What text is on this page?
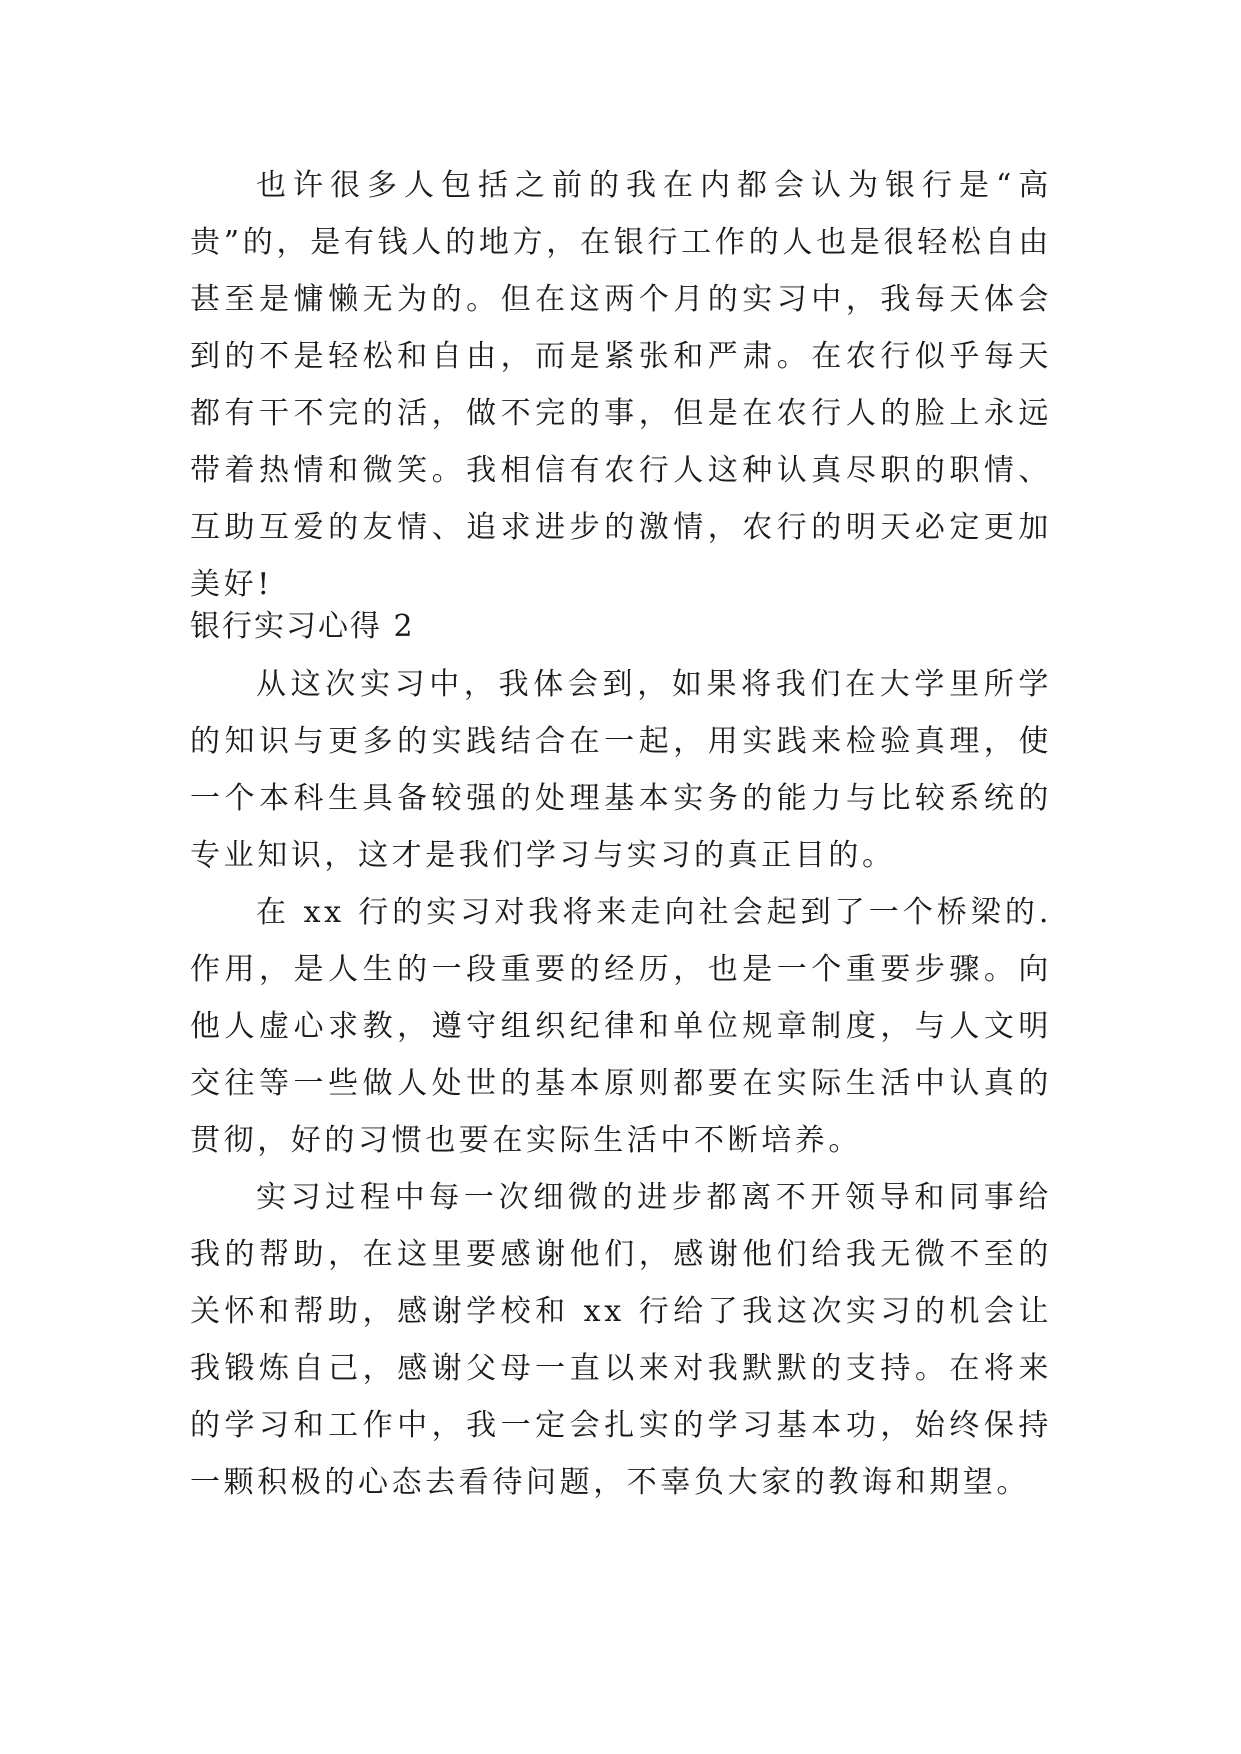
也许很多人包括之前的我在内都会认为银行是“高贵”的，是有钱人的地方，在银行工作的人也是很轻松自由甚至是慵懒无为的。但在这两个月的实习中，我每天体会到的不是轻松和自由，而是紧张和严肃。在农行似乎每天都有干不完的活，做不完的事，但是在农行人的脸上永远带着热情和微笑。我相信有农行人这种认真尽职的职情、互助互爱的友情、追求进步的激情，农行的明天必定更加美好!

银行实习心得 2

从这次实习中，我体会到，如果将我们在大学里所学的知识与更多的实践结合在一起，用实践来检验真理，使一个本科生具备较强的处理基本实务的能力与比较系统的专业知识，这才是我们学习与实习的真正目的。

在 xx 行的实习对我将来走向社会起到了一个桥梁的.作用，是人生的一段重要的经历，也是一个重要步骤。向他人虚心求教，遵守组织纪律和单位规章制度，与人文明交往等一些做人处世的基本原则都要在实际生活中认真的贯彻，好的习惯也要在实际生活中不断培养。

实习过程中每一次细微的进步都离不开领导和同事给我的帮助，在这里要感谢他们，感谢他们给我无微不至的关怀和帮助，感谢学校和 xx 行给了我这次实习的机会让我锻炼自己，感谢父母一直以来对我默默的支持。在将来的学习和工作中，我一定会扎实的学习基本功，始终保持一颗积极的心态去看待问题，不辜负大家的教诲和期望。
